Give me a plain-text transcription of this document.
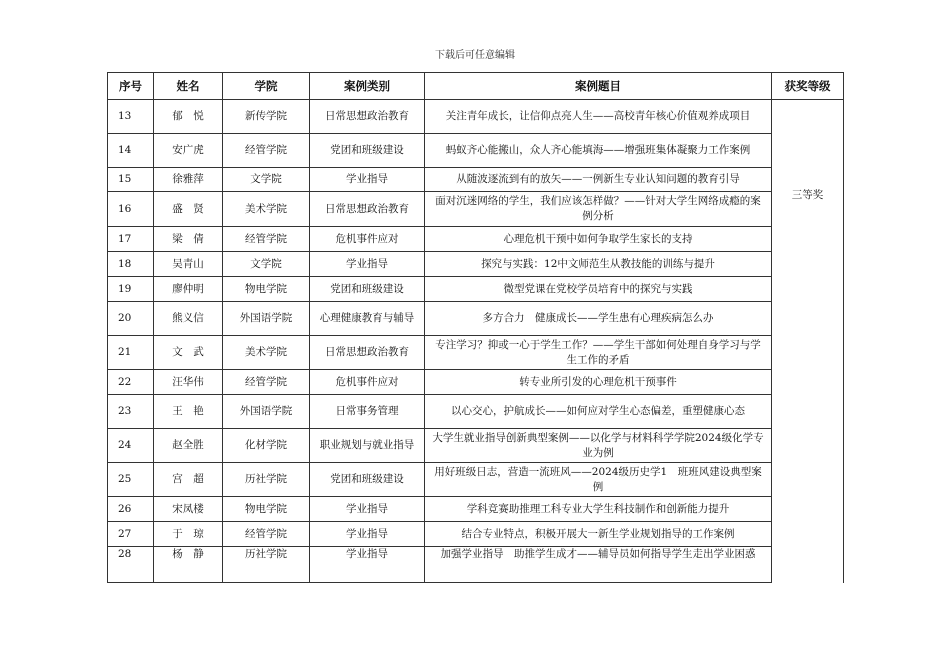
下载后可任意编辑
序号	姓名	学院	案例类别	案例题目	获奖等级
13	郁　悦	新传学院	日常思想政治教育	关注青年成长，让信仰点亮人生——高校青年核心价值观养成项目	三等奖
14	安广虎	经管学院	党团和班级建设	蚂蚁齐心能搬山，众人齐心能填海——增强班集体凝聚力工作案例	
15	徐雅萍	文学院	学业指导	从随波逐流到有的放矢——一例新生专业认知问题的教育引导	
16	盛　贤	美术学院	日常思想政治教育	面对沉迷网络的学生，我们应该怎样做？——针对大学生网络成瘾的案例分析	
17	梁　倩	经管学院	危机事件应对	心理危机干预中如何争取学生家长的支持	
18	吴青山	文学院	学业指导	探究与实践：12中文师范生从教技能的训练与提升	
19	廖仲明	物电学院	党团和班级建设	微型党课在党校学员培育中的探究与实践	
20	熊义信	外国语学院	心理健康教育与辅导	多方合力　健康成长——学生患有心理疾病怎么办	
21	文　武	美术学院	日常思想政治教育	专注学习？抑或一心于学生工作？——学生干部如何处理自身学习与学生工作的矛盾	
22	汪华伟	经管学院	危机事件应对	转专业所引发的心理危机干预事件	
23	王　艳	外国语学院	日常事务管理	以心交心，护航成长——如何应对学生心态偏差，重塑健康心态	
24	赵全胜	化材学院	职业规划与就业指导	大学生就业指导创新典型案例——以化学与材料科学学院2024级化学专业为例	
25	宫　超	历社学院	党团和班级建设	用好班级日志，营造一流班风——2024级历史学1　班班风建设典型案例	
26	宋凤楼	物电学院	学业指导	学科竞赛助推理工科专业大学生科技制作和创新能力提升	
27	于　琼	经管学院	学业指导	结合专业特点，积极开展大一新生学业规划指导的工作案例	
28	杨　静	历社学院	学业指导	加强学业指导　助推学生成才——辅导员如何指导学生走出学业困惑	
